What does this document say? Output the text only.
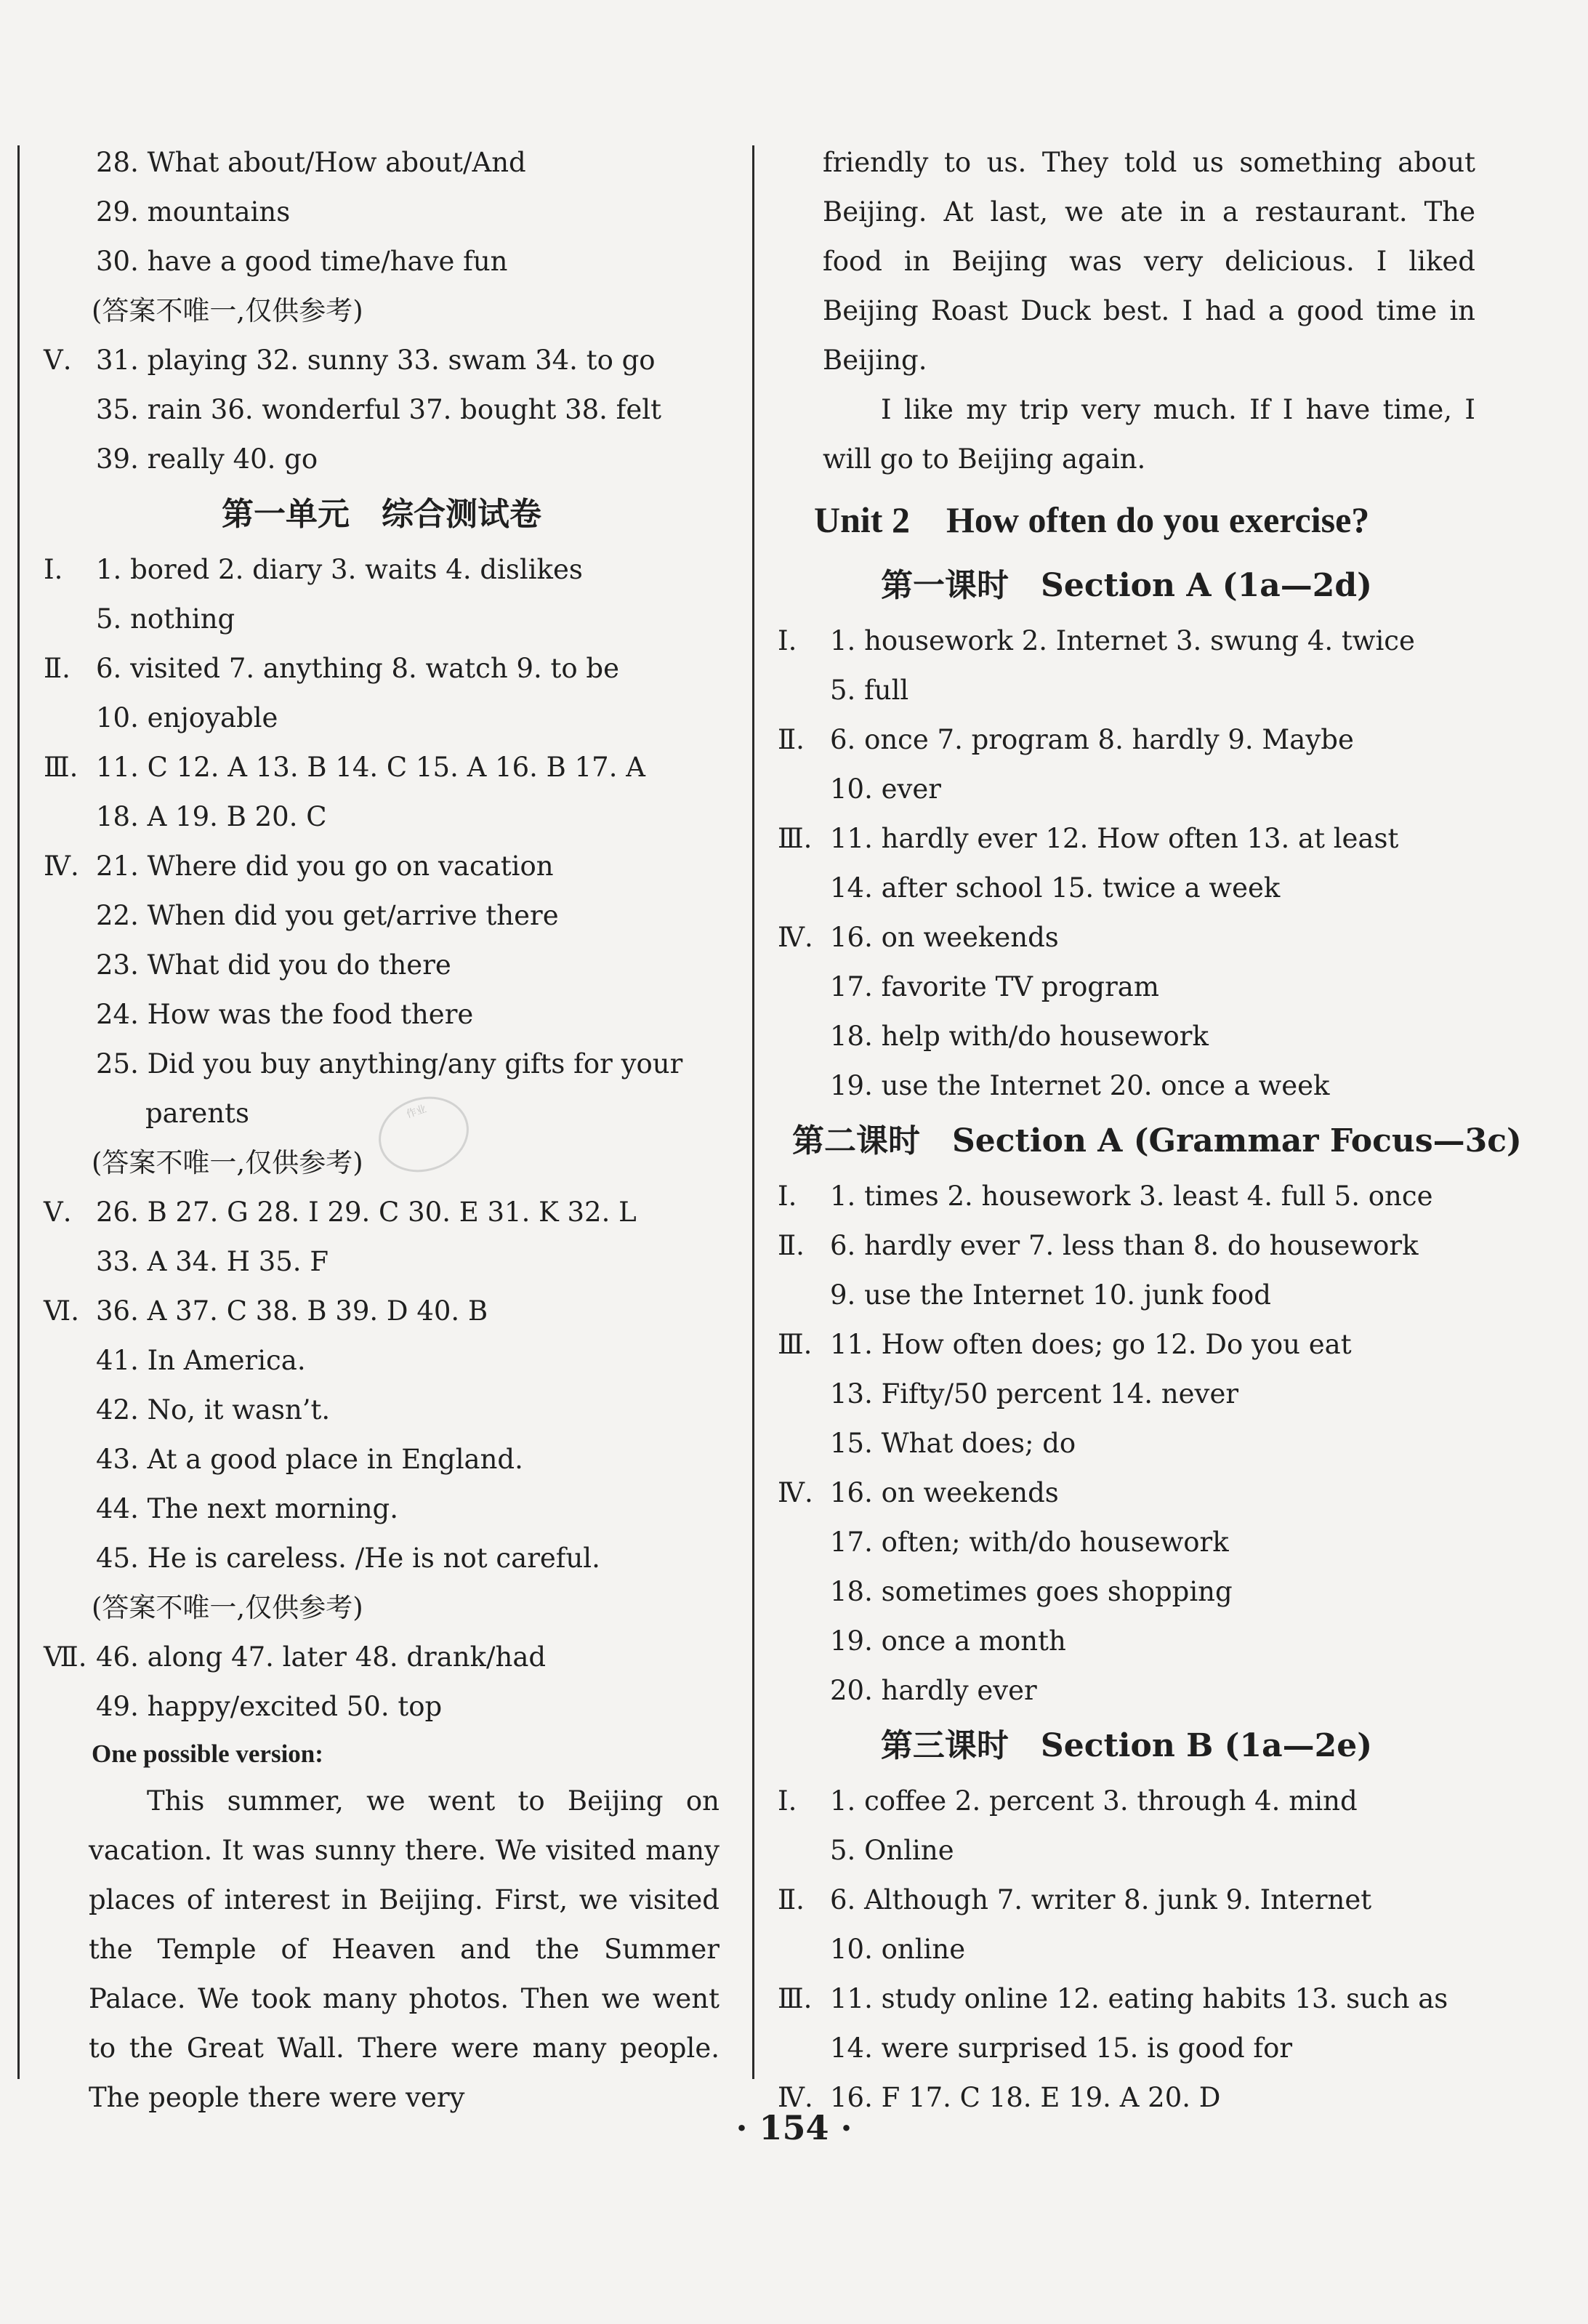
28. What about/How about/And
29. mountains
30. have a good time/have fun
(答案不唯一,仅供参考)
Ⅴ. 31. playing 32. sunny 33. swam 34. to go
35. rain 36. wonderful 37. bought 38. felt
39. really 40. go
第一单元　综合测试卷
Ⅰ.	1. bored 2. diary 3. waits 4. dislikes
5. nothing
Ⅱ. 6. visited 7. anything 8. watch 9. to be
10. enjoyable
Ⅲ. 11. C 12. A 13. B 14. C 15. A 16. B 17. A
18. A 19. B 20. C
Ⅳ. 21. Where did you go on vacation
22. When did you get/arrive there
23. What did you do there
24. How was the food there
25. Did you buy anything/any gifts for your
parents
(答案不唯一,仅供参考)
Ⅴ. 26. B 27. G 28. I 29. C 30. E 31. K 32. L
33. A 34. H 35. F
Ⅵ. 36. A 37. C 38. B 39. D 40. B
41. In America.
42. No, it wasn’t.
43. At a good place in England.
44. The next morning.
45. He is careless. /He is not careful.
(答案不唯一,仅供参考)
Ⅶ. 46. along 47. later 48. drank/had
49. happy/excited 50. top
One possible version:

This summer, we went to Beijing on vacation. It was sunny there. We visited many places of interest in Beijing. First, we visited the Temple of Heaven and the Summer Palace. We took many photos. Then we went to the Great Wall. There were many people. The people there were very

作业

friendly to us. They told us something about Beijing. At last, we ate in a restaurant. The food in Beijing was very delicious. I liked Beijing Roast Duck best. I had a good time in Beijing.

I like my trip very much. If I have time, I will go to Beijing again.

Unit 2　How often do you exercise?
第一课时　Section A (1a—2d)
Ⅰ.	1. housework 2. Internet 3. swung 4. twice
5. full
Ⅱ. 6. once 7. program 8. hardly 9. Maybe
10. ever
Ⅲ. 11. hardly ever 12. How often 13. at least
14. after school 15. twice a week
Ⅳ. 16. on weekends
17. favorite TV program
18. help with/do housework
19. use the Internet 20. once a week
第二课时　Section A (Grammar Focus—3c)
Ⅰ.	1. times 2. housework 3. least 4. full 5. once
Ⅱ. 6. hardly ever 7. less than 8. do housework
9. use the Internet 10. junk food
Ⅲ. 11. How often does; go 12. Do you eat
13. Fifty/50 percent 14. never
15. What does; do
Ⅳ. 16. on weekends
17. often; with/do housework
18. sometimes goes shopping
19. once a month
20. hardly ever
第三课时　Section B (1a—2e)
Ⅰ.	1. coffee 2. percent 3. through 4. mind
5. Online
Ⅱ. 6. Although 7. writer 8. junk 9. Internet
10. online
Ⅲ. 11. study online 12. eating habits 13. such as
14. were surprised 15. is good for
Ⅳ. 16. F 17. C 18. E 19. A 20. D
· 154 ·
